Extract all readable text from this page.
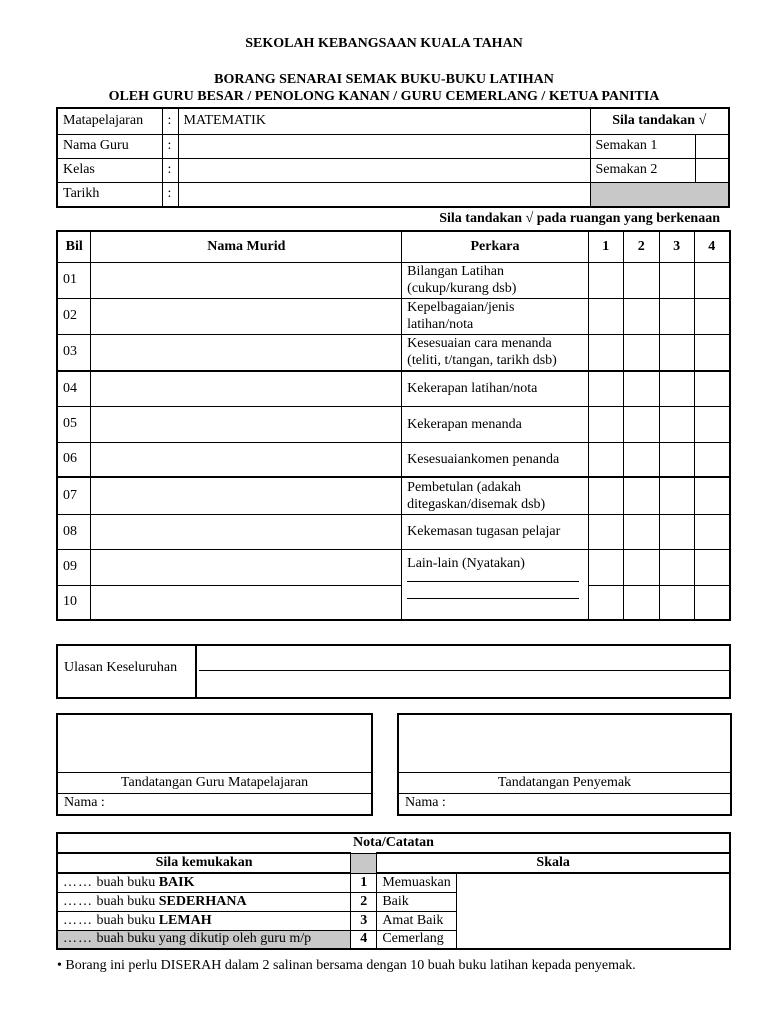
SEKOLAH KEBANGSAAN KUALA TAHAN
BORANG SENARAI SEMAK BUKU-BUKU LATIHAN
OLEH GURU BESAR / PENOLONG KANAN / GURU CEMERLANG / KETUA PANITIA
Matapelajaran	:	MATEMATIK	Sila tandakan √	
Nama Guru	:		Semakan 1	
Kelas	:		Semakan 2	
Tarikh	:			
Sila tandakan √ pada ruangan yang berkenaan
Bil	Nama Murid	Perkara	1	2	3	4
01		Bilangan Latihan (cukup/kurang dsb)				
02		Kepelbagaian/jenis latihan/nota				
03		Kesesuaian cara menanda (teliti, t/tangan, tarikh dsb)				
04		Kekerapan latihan/nota				
05		Kekerapan menanda				
06		Kesesuaiankomen penanda				
07		Pembetulan (adakah ditegaskan/disemak dsb)				
08		Kekemasan tugasan pelajar				
09		Lain-lain (Nyatakan)				

10						
Ulasan Keseluruhan
Tandatangan Guru Matapelajaran
Nama :
Tandatangan Penyemak
Nama :
Nota/Catatan		
Sila kemukakan		Skala
…… buah buku BAIK	1	Memuaskan
…… buah buku SEDERHANA	2	Baik
…… buah buku LEMAH	3	Amat Baik
…… buah buku yang dikutip oleh guru m/p	4	Cemerlang
• Borang ini perlu DISERAH dalam 2 salinan bersama dengan 10 buah buku latihan kepada penyemak.
